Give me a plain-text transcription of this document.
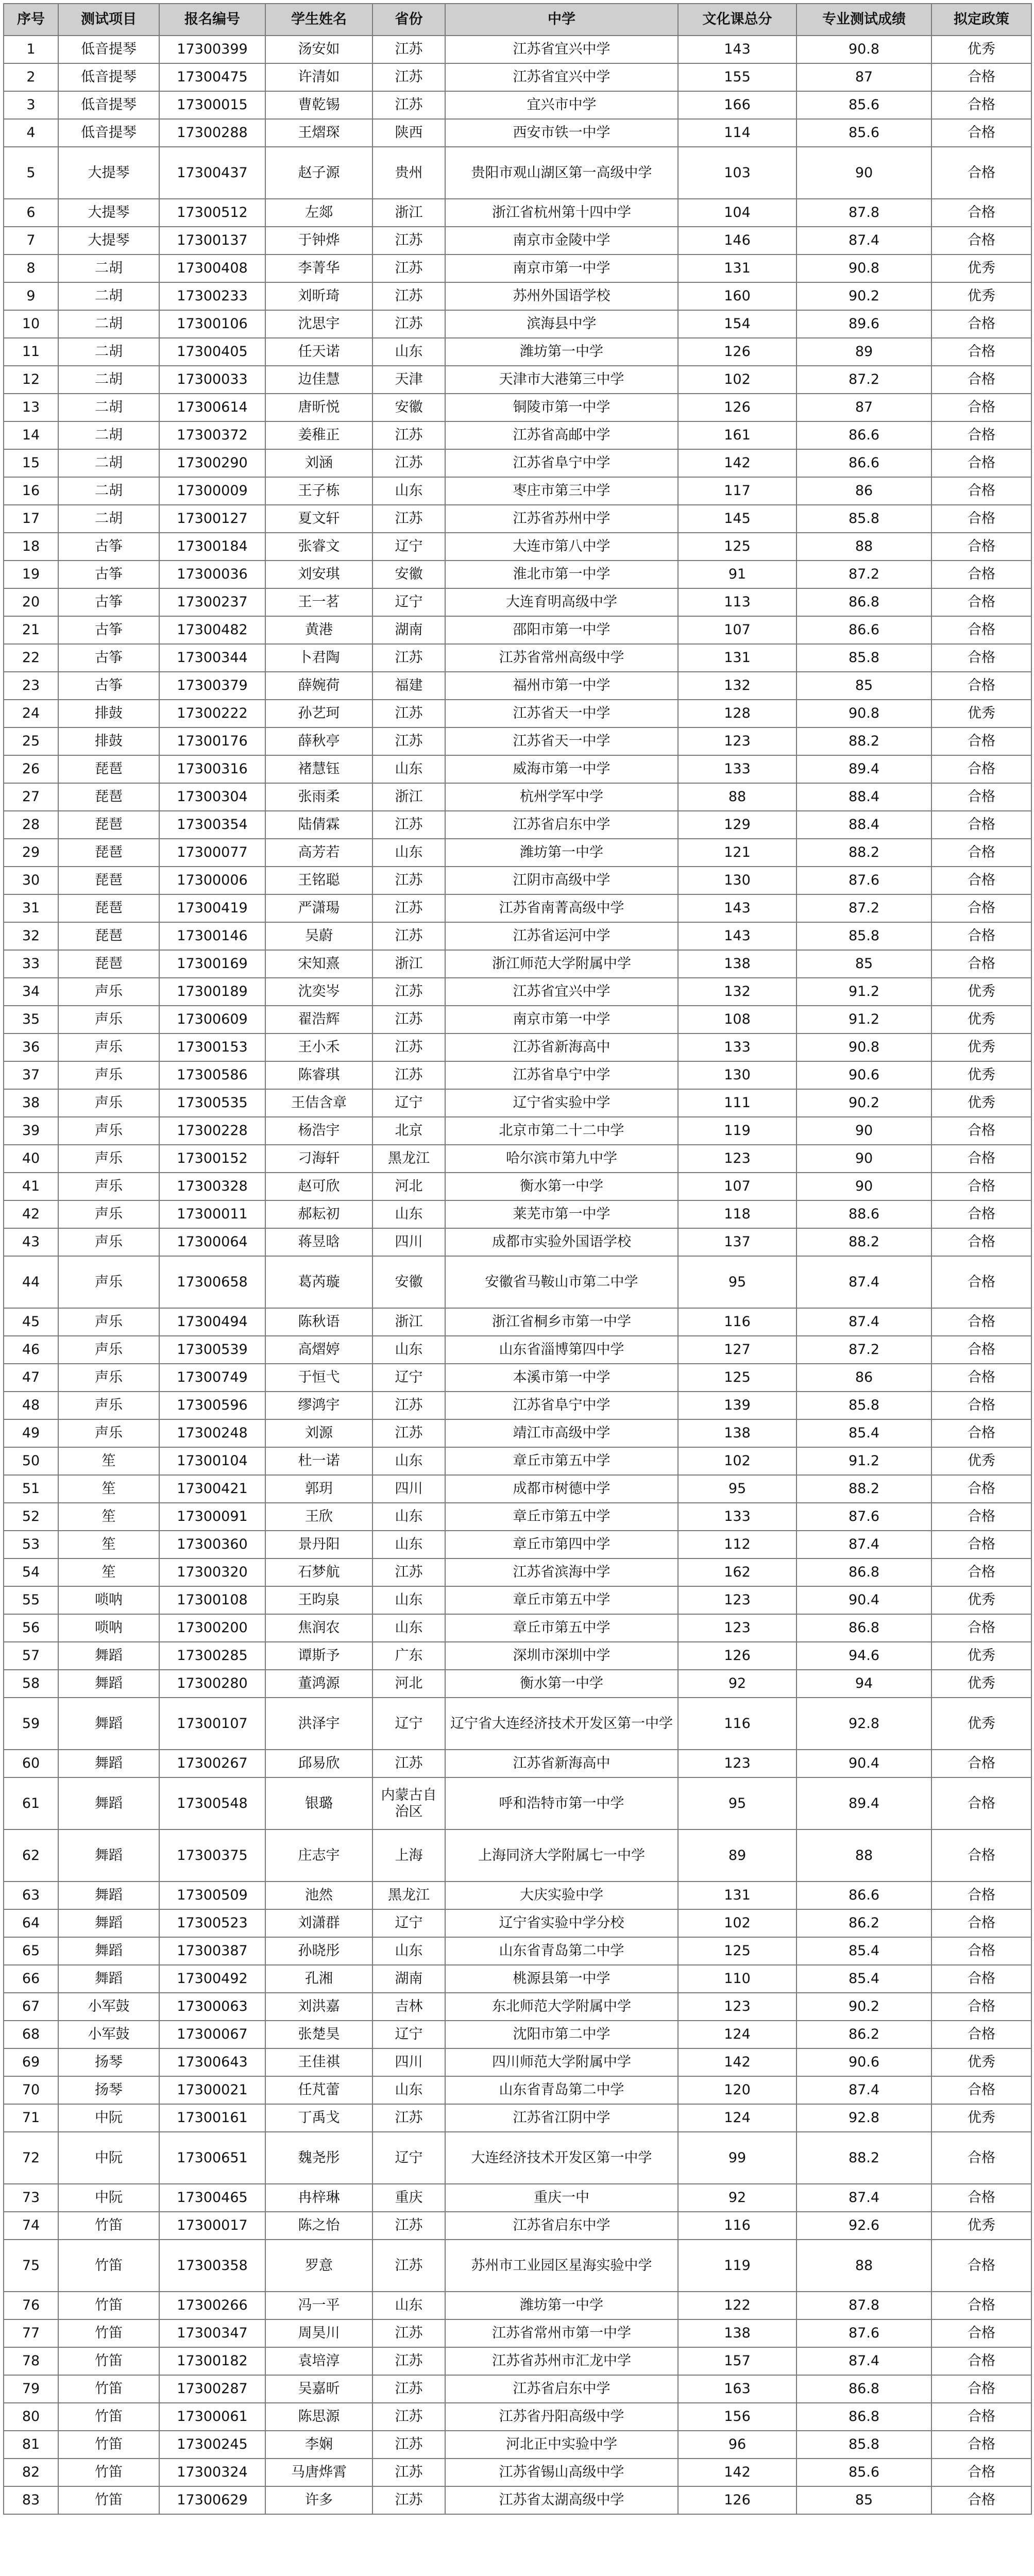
序号	测试项目	报名编号	学生姓名	省份	中学	文化课总分	专业测试成绩	拟定政策
1	低音提琴	17300399	汤安如	江苏	江苏省宜兴中学	143	90.8	优秀
2	低音提琴	17300475	许清如	江苏	江苏省宜兴中学	155	87	合格
3	低音提琴	17300015	曹乾锡	江苏	宜兴市中学	166	85.6	合格
4	低音提琴	17300288	王熠琛	陕西	西安市铁一中学	114	85.6	合格
5	大提琴	17300437	赵子源	贵州	贵阳市观山湖区第一高级中学	103	90	合格
6	大提琴	17300512	左郯	浙江	浙江省杭州第十四中学	104	87.8	合格
7	大提琴	17300137	于钟烨	江苏	南京市金陵中学	146	87.4	合格
8	二胡	17300408	李菁华	江苏	南京市第一中学	131	90.8	优秀
9	二胡	17300233	刘昕琦	江苏	苏州外国语学校	160	90.2	优秀
10	二胡	17300106	沈思宇	江苏	滨海县中学	154	89.6	合格
11	二胡	17300405	任天诺	山东	潍坊第一中学	126	89	合格
12	二胡	17300033	边佳慧	天津	天津市大港第三中学	102	87.2	合格
13	二胡	17300614	唐昕悦	安徽	铜陵市第一中学	126	87	合格
14	二胡	17300372	姜稚正	江苏	江苏省高邮中学	161	86.6	合格
15	二胡	17300290	刘涵	江苏	江苏省阜宁中学	142	86.6	合格
16	二胡	17300009	王子栋	山东	枣庄市第三中学	117	86	合格
17	二胡	17300127	夏文轩	江苏	江苏省苏州中学	145	85.8	合格
18	古筝	17300184	张睿文	辽宁	大连市第八中学	125	88	合格
19	古筝	17300036	刘安琪	安徽	淮北市第一中学	91	87.2	合格
20	古筝	17300237	王一茗	辽宁	大连育明高级中学	113	86.8	合格
21	古筝	17300482	黄港	湖南	邵阳市第一中学	107	86.6	合格
22	古筝	17300344	卜君陶	江苏	江苏省常州高级中学	131	85.8	合格
23	古筝	17300379	薛婉荷	福建	福州市第一中学	132	85	合格
24	排鼓	17300222	孙艺珂	江苏	江苏省天一中学	128	90.8	优秀
25	排鼓	17300176	薛秋亭	江苏	江苏省天一中学	123	88.2	合格
26	琵琶	17300316	褚慧钰	山东	威海市第一中学	133	89.4	合格
27	琵琶	17300304	张雨柔	浙江	杭州学军中学	88	88.4	合格
28	琵琶	17300354	陆倩霖	江苏	江苏省启东中学	129	88.4	合格
29	琵琶	17300077	高芳若	山东	潍坊第一中学	121	88.2	合格
30	琵琶	17300006	王铭聪	江苏	江阴市高级中学	130	87.6	合格
31	琵琶	17300419	严潇瑒	江苏	江苏省南菁高级中学	143	87.2	合格
32	琵琶	17300146	吴蔚	江苏	江苏省运河中学	143	85.8	合格
33	琵琶	17300169	宋知熹	浙江	浙江师范大学附属中学	138	85	合格
34	声乐	17300189	沈奕岑	江苏	江苏省宜兴中学	132	91.2	优秀
35	声乐	17300609	翟浩辉	江苏	南京市第一中学	108	91.2	优秀
36	声乐	17300153	王小禾	江苏	江苏省新海高中	133	90.8	优秀
37	声乐	17300586	陈睿琪	江苏	江苏省阜宁中学	130	90.6	优秀
38	声乐	17300535	王佶含章	辽宁	辽宁省实验中学	111	90.2	优秀
39	声乐	17300228	杨浩宇	北京	北京市第二十二中学	119	90	合格
40	声乐	17300152	刁海轩	黑龙江	哈尔滨市第九中学	123	90	合格
41	声乐	17300328	赵可欣	河北	衡水第一中学	107	90	合格
42	声乐	17300011	郝耘初	山东	莱芜市第一中学	118	88.6	合格
43	声乐	17300064	蒋昱晗	四川	成都市实验外国语学校	137	88.2	合格
44	声乐	17300658	葛芮璇	安徽	安徽省马鞍山市第二中学	95	87.4	合格
45	声乐	17300494	陈秋语	浙江	浙江省桐乡市第一中学	116	87.4	合格
46	声乐	17300539	高熠婷	山东	山东省淄博第四中学	127	87.2	合格
47	声乐	17300749	于恒弋	辽宁	本溪市第一中学	125	86	合格
48	声乐	17300596	缪鸿宇	江苏	江苏省阜宁中学	139	85.8	合格
49	声乐	17300248	刘源	江苏	靖江市高级中学	138	85.4	合格
50	笙	17300104	杜一诺	山东	章丘市第五中学	102	91.2	优秀
51	笙	17300421	郭玥	四川	成都市树德中学	95	88.2	合格
52	笙	17300091	王欣	山东	章丘市第五中学	133	87.6	合格
53	笙	17300360	景丹阳	山东	章丘市第四中学	112	87.4	合格
54	笙	17300320	石梦航	江苏	江苏省滨海中学	162	86.8	合格
55	唢呐	17300108	王昀泉	山东	章丘市第五中学	123	90.4	优秀
56	唢呐	17300200	焦润农	山东	章丘市第五中学	123	86.8	合格
57	舞蹈	17300285	谭斯予	广东	深圳市深圳中学	126	94.6	优秀
58	舞蹈	17300280	董鸿源	河北	衡水第一中学	92	94	优秀
59	舞蹈	17300107	洪泽宇	辽宁	辽宁省大连经济技术开发区第一中学	116	92.8	优秀
60	舞蹈	17300267	邱易欣	江苏	江苏省新海高中	123	90.4	合格
61	舞蹈	17300548	银璐	内蒙古自治区	呼和浩特市第一中学	95	89.4	合格
62	舞蹈	17300375	庄志宇	上海	上海同济大学附属七一中学	89	88	合格
63	舞蹈	17300509	池然	黑龙江	大庆实验中学	131	86.6	合格
64	舞蹈	17300523	刘潇群	辽宁	辽宁省实验中学分校	102	86.2	合格
65	舞蹈	17300387	孙晓彤	山东	山东省青岛第二中学	125	85.4	合格
66	舞蹈	17300492	孔湘	湖南	桃源县第一中学	110	85.4	合格
67	小军鼓	17300063	刘洪嘉	吉林	东北师范大学附属中学	123	90.2	合格
68	小军鼓	17300067	张楚昊	辽宁	沈阳市第二中学	124	86.2	合格
69	扬琴	17300643	王佳祺	四川	四川师范大学附属中学	142	90.6	优秀
70	扬琴	17300021	任芃蕾	山东	山东省青岛第二中学	120	87.4	合格
71	中阮	17300161	丁禹戈	江苏	江苏省江阴中学	124	92.8	优秀
72	中阮	17300651	魏尧彤	辽宁	大连经济技术开发区第一中学	99	88.2	合格
73	中阮	17300465	冉梓琳	重庆	重庆一中	92	87.4	合格
74	竹笛	17300017	陈之怡	江苏	江苏省启东中学	116	92.6	优秀
75	竹笛	17300358	罗意	江苏	苏州市工业园区星海实验中学	119	88	合格
76	竹笛	17300266	冯一平	山东	潍坊第一中学	122	87.8	合格
77	竹笛	17300347	周昊川	江苏	江苏省常州市第一中学	138	87.6	合格
78	竹笛	17300182	袁培淳	江苏	江苏省苏州市汇龙中学	157	87.4	合格
79	竹笛	17300287	吴嘉昕	江苏	江苏省启东中学	163	86.8	合格
80	竹笛	17300061	陈思源	江苏	江苏省丹阳高级中学	156	86.8	合格
81	竹笛	17300245	李娴	江苏	河北正中实验中学	96	85.8	合格
82	竹笛	17300324	马唐烨霄	江苏	江苏省锡山高级中学	142	85.6	合格
83	竹笛	17300629	许多	江苏	江苏省太湖高级中学	126	85	合格
